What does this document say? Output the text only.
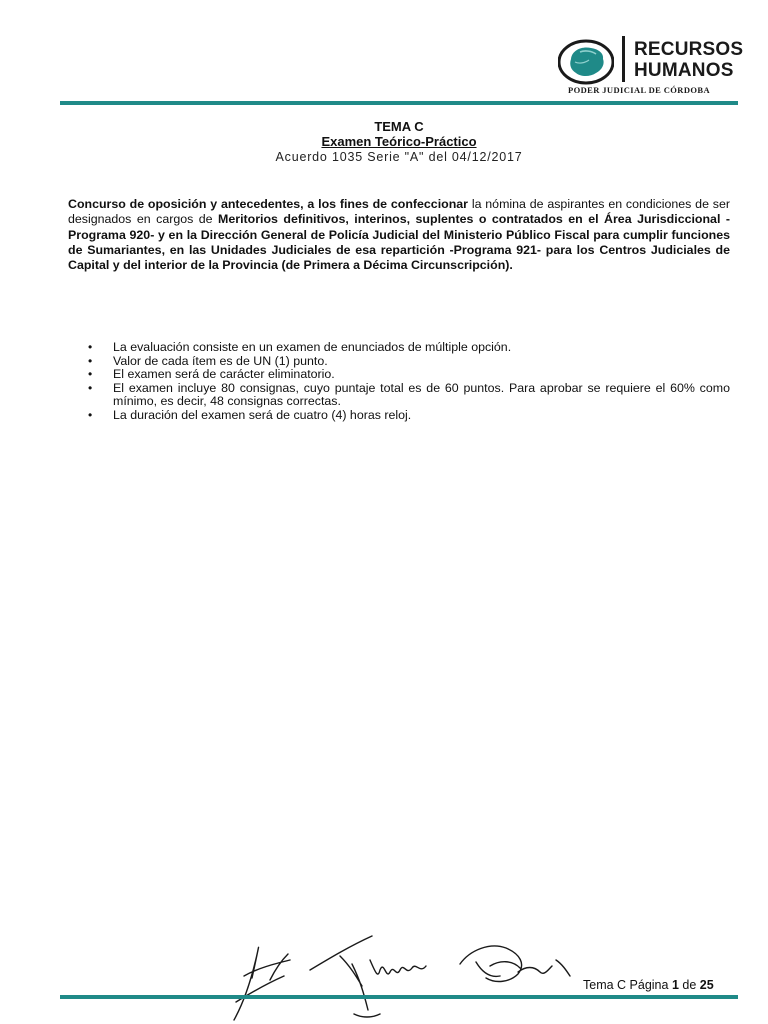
RECURSOS
HUMANOS
PODER JUDICIAL DE CÓRDOBA
TEMA C
Examen Teórico-Práctico
Acuerdo 1035 Serie "A" del 04/12/2017

Concurso de oposición y antecedentes, a los fines de confeccionar la nómina de aspirantes en condiciones de ser designados en cargos de Meritorios definitivos, interinos, suplentes o contratados en el Área Jurisdiccional - Programa 920- y en la Dirección General de Policía Judicial del Ministerio Público Fiscal para cumplir funciones de Sumariantes, en las Unidades Judiciales de esa repartición -Programa 921- para los Centros Judiciales de Capital y del interior de la Provincia (de Primera a Décima Circunscripción).

• La evaluación consiste en un examen de enunciados de múltiple opción.
• Valor de cada ítem es de UN (1) punto.
• El examen será de carácter eliminatorio.
• El examen incluye 80 consignas, cuyo puntaje total es de 60 puntos. Para aprobar se requiere el 60% como mínimo, es decir, 48 consignas correctas.
• La duración del examen será de cuatro (4) horas reloj.
Tema C Página 1 de 25
